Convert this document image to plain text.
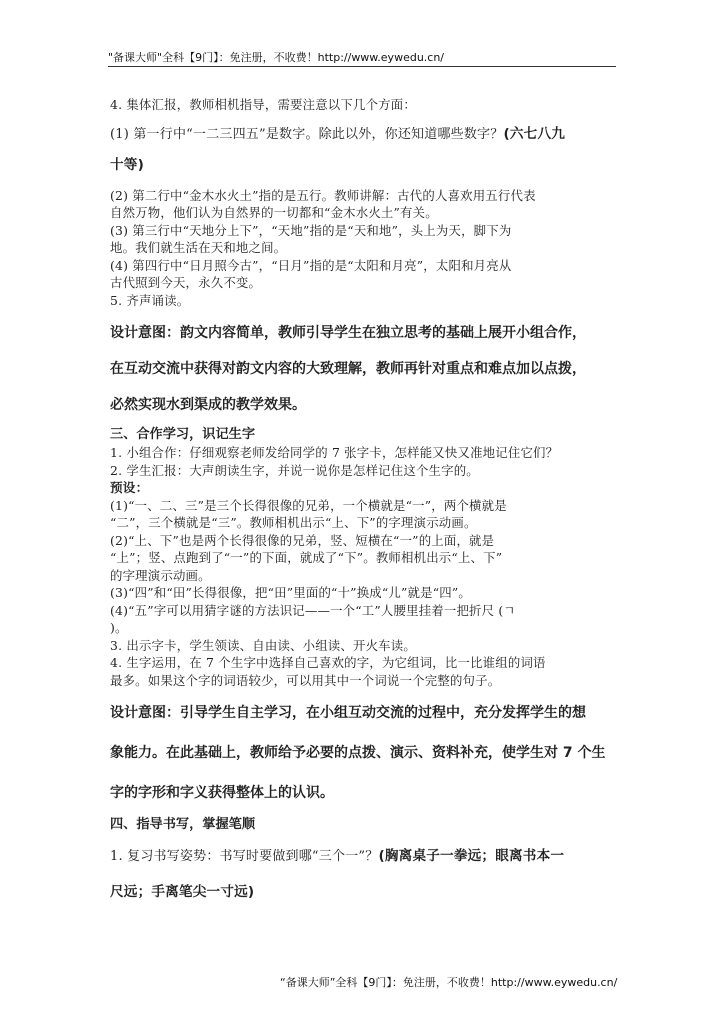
"备课大师"全科【9门】：免注册，不收费！http://www.eywedu.cn/
4. 集体汇报，教师相机指导，需要注意以下几个方面：
(1) 第一行中“一二三四五”是数字。除此以外，你还知道哪些数字？(六七八九
十等)
(2) 第二行中“金木水火土”指的是五行。教师讲解：古代的人喜欢用五行代表
自然万物，他们认为自然界的一切都和“金木水火土”有关。
(3) 第三行中“天地分上下”，“天地”指的是“天和地”，头上为天，脚下为
地。我们就生活在天和地之间。
(4) 第四行中“日月照今古”，“日月”指的是“太阳和月亮”，太阳和月亮从
古代照到今天，永久不变。
5. 齐声诵读。
设计意图：韵文内容简单，教师引导学生在独立思考的基础上展开小组合作，
在互动交流中获得对韵文内容的大致理解，教师再针对重点和难点加以点拨，
必然实现水到渠成的教学效果。
三、合作学习，识记生字
1. 小组合作：仔细观察老师发给同学的 7 张字卡，怎样能又快又准地记住它们？
2. 学生汇报：大声朗读生字，并说一说你是怎样记住这个生字的。
预设：
(1)“一、二、三”是三个长得很像的兄弟，一个横就是“一”，两个横就是
“二”，三个横就是“三”。教师相机出示“上、下”的字理演示动画。
(2)“上、下”也是两个长得很像的兄弟，竖、短横在“一”的上面，就是
“上”；竖、点跑到了“一”的下面，就成了“下”。教师相机出示“上、下”
的字理演示动画。
(3)“四”和“田”长得很像，把“田”里面的“十”换成“儿”就是“四”。
(4)“五”字可以用猜字谜的方法识记——一个“工”人腰里挂着一把折尺 (ㄱ
)。
3. 出示字卡，学生领读、自由读、小组读、开火车读。
4. 生字运用，在 7 个生字中选择自己喜欢的字，为它组词，比一比谁组的词语
最多。如果这个字的词语较少，可以用其中一个词说一个完整的句子。
设计意图：引导学生自主学习，在小组互动交流的过程中，充分发挥学生的想
象能力。在此基础上，教师给予必要的点拨、演示、资料补充，使学生对 7 个生
字的字形和字义获得整体上的认识。
四、指导书写，掌握笔顺
1. 复习书写姿势：书写时要做到哪“三个一”？(胸离桌子一拳远；眼离书本一
尺远；手离笔尖一寸远)
“备课大师”全科【9门】：免注册，不收费！http://www.eywedu.cn/
